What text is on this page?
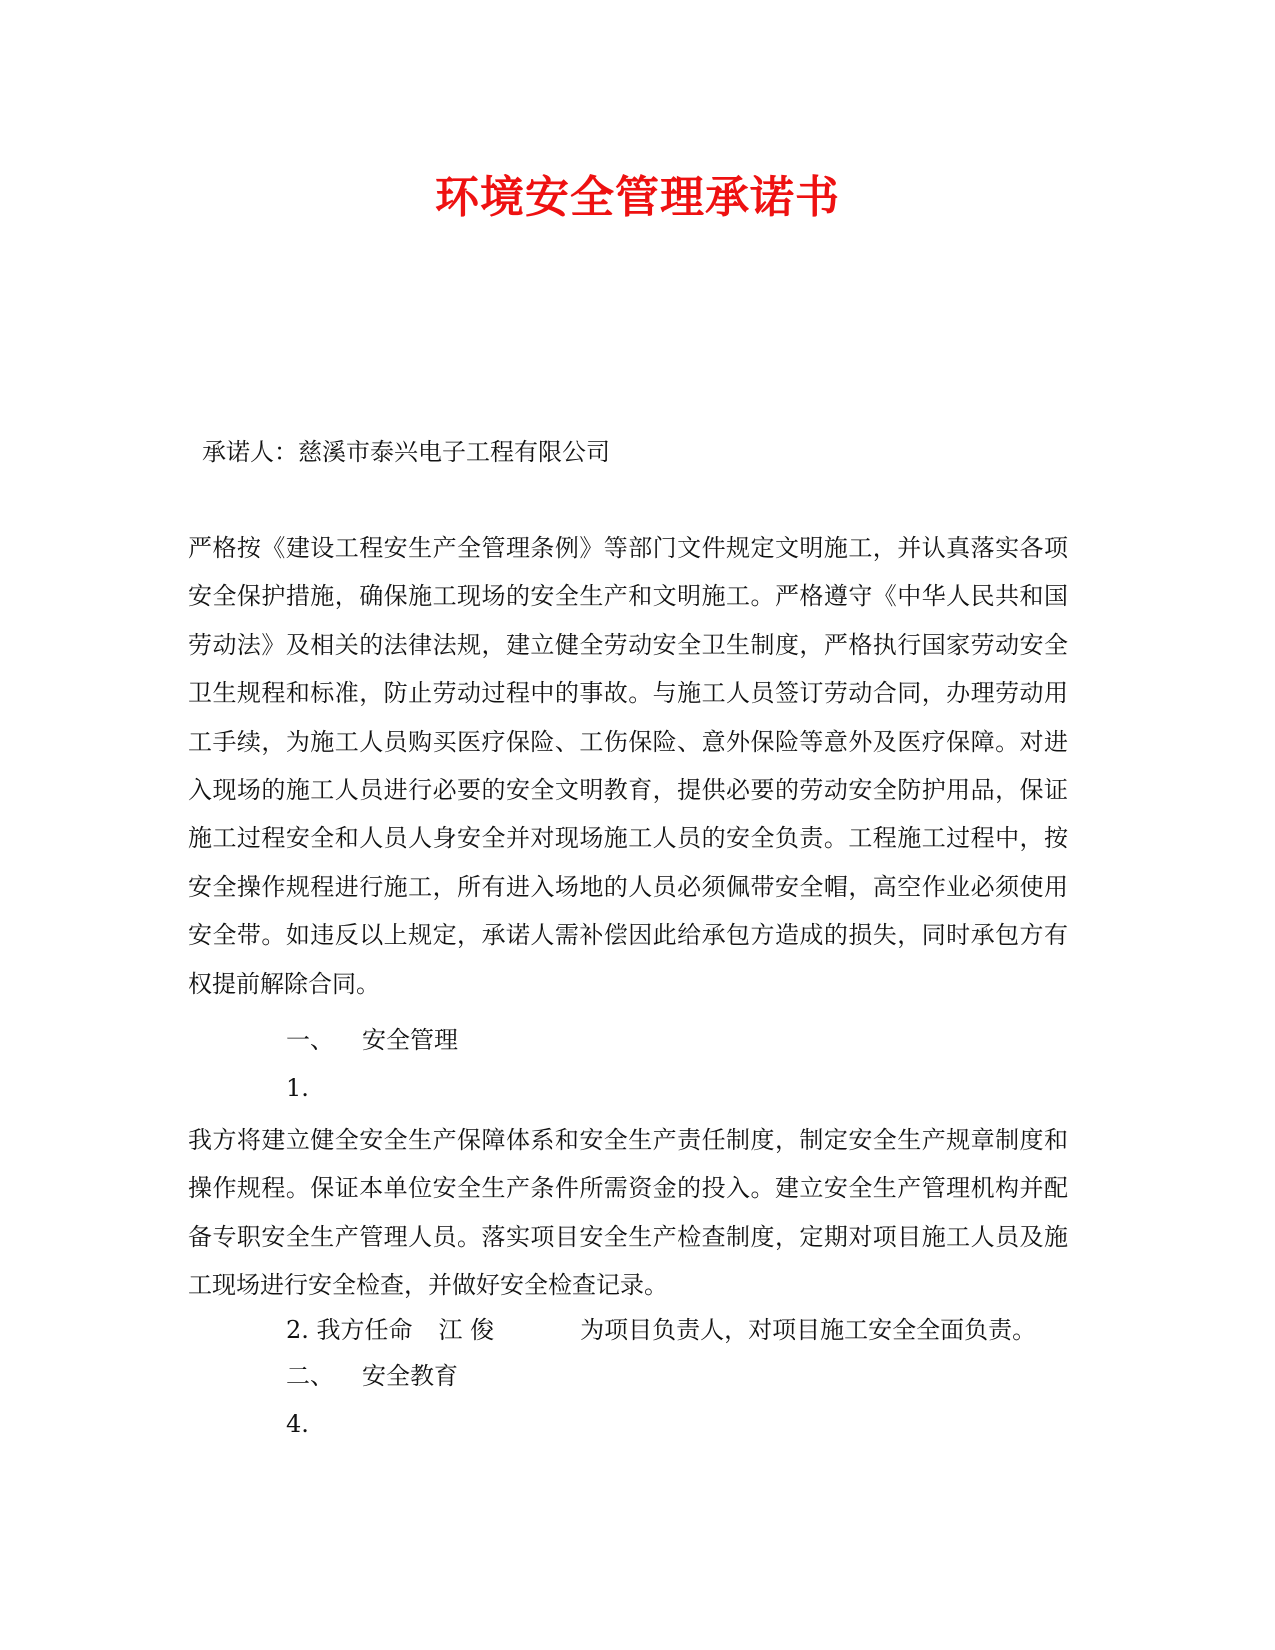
环境安全管理承诺书
承诺人：慈溪市泰兴电子工程有限公司
严格按《建设工程安生产全管理条例》等部门文件规定文明施工，并认真落实各项安全保护措施，确保施工现场的安全生产和文明施工。严格遵守《中华人民共和国劳动法》及相关的法律法规，建立健全劳动安全卫生制度，严格执行国家劳动安全卫生规程和标准，防止劳动过程中的事故。与施工人员签订劳动合同，办理劳动用工手续，为施工人员购买医疗保险、工伤保险、意外保险等意外及医疗保障。对进入现场的施工人员进行必要的安全文明教育，提供必要的劳动安全防护用品，保证施工过程安全和人员人身安全并对现场施工人员的安全负责。工程施工过程中，按安全操作规程进行施工，所有进入场地的人员必须佩带安全帽，高空作业必须使用安全带。如违反以上规定，承诺人需补偿因此给承包方造成的损失，同时承包方有权提前解除合同。
一、 安全管理
1.
我方将建立健全安全生产保障体系和安全生产责任制度，制定安全生产规章制度和操作规程。保证本单位安全生产条件所需资金的投入。建立安全生产管理机构并配备专职安全生产管理人员。落实项目安全生产检查制度，定期对项目施工人员及施工现场进行安全检查，并做好安全检查记录。
2. 我方任命 江 俊	为项目负责人，对项目施工安全全面负责。
二、 安全教育
4.
